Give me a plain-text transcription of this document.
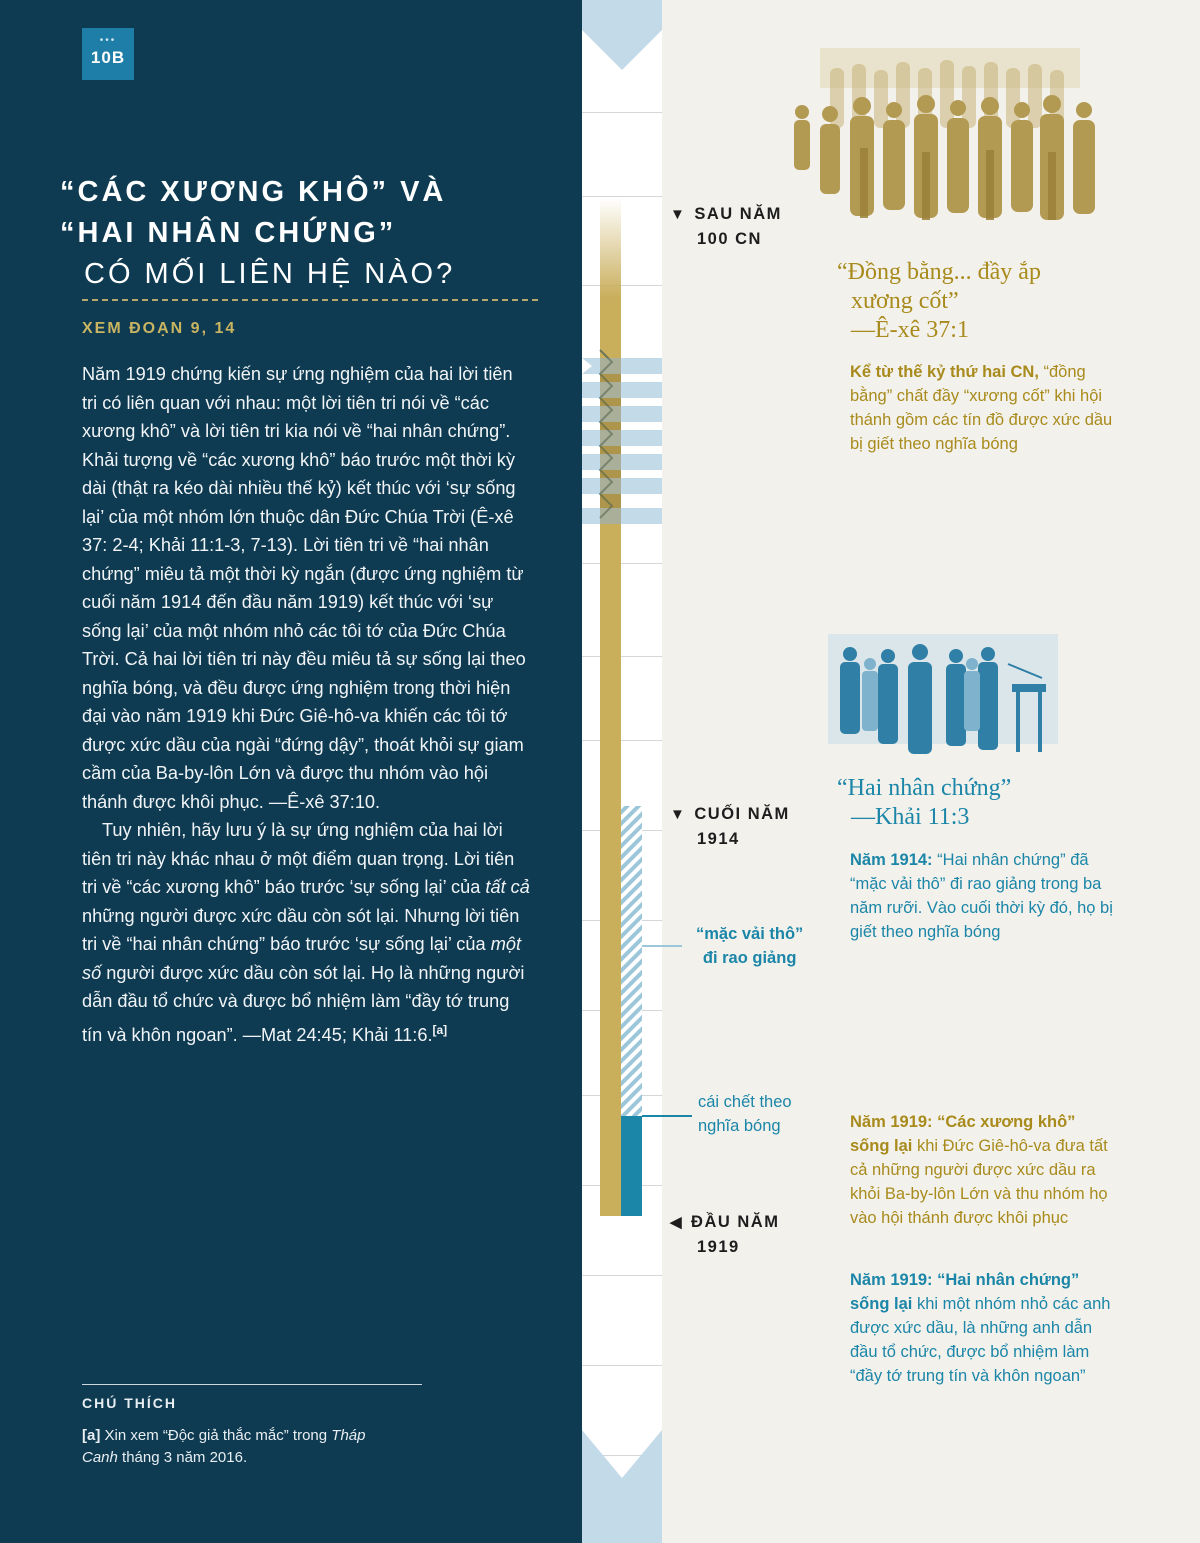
•••
10B
“CÁC XƯƠNG KHÔ” VÀ
“HAI NHÂN CHỨNG”
CÓ MỐI LIÊN HỆ NÀO?
XEM ĐOẠN 9, 14

Năm 1919 chứng kiến sự ứng nghiệm của hai lời tiên tri có liên quan với nhau: một lời tiên tri nói về “các xương khô” và lời tiên tri kia nói về “hai nhân chứng”. Khải tượng về “các xương khô” báo trước một thời kỳ dài (thật ra kéo dài nhiều thế kỷ) kết thúc với ‘sự sống lại’ của một nhóm lớn thuộc dân Đức Chúa Trời (Ê-xê 37: 2-4; Khải 11:1-3, 7-13). Lời tiên tri về “hai nhân chứng” miêu tả một thời kỳ ngắn (được ứng nghiệm từ cuối năm 1914 đến đầu năm 1919) kết thúc với ‘sự sống lại’ của một nhóm nhỏ các tôi tớ của Đức Chúa Trời. Cả hai lời tiên tri này đều miêu tả sự sống lại theo nghĩa bóng, và đều được ứng nghiệm trong thời hiện đại vào năm 1919 khi Đức Giê-hô-va khiến các tôi tớ được xức dầu của ngài “đứng dậy”, thoát khỏi sự giam cầm của Ba-by-lôn Lớn và được thu nhóm vào hội thánh được khôi phục. —Ê-xê 37:10.

Tuy nhiên, hãy lưu ý là sự ứng nghiệm của hai lời tiên tri này khác nhau ở một điểm quan trọng. Lời tiên tri về “các xương khô” báo trước ‘sự sống lại’ của tất cả những người được xức dầu còn sót lại. Nhưng lời tiên tri về “hai nhân chứng” báo trước ‘sự sống lại’ của một số người được xức dầu còn sót lại. Họ là những người dẫn đầu tổ chức và được bổ nhiệm làm “đầy tớ trung tín và khôn ngoan”. —Mat 24:45; Khải 11:6.[a]

CHÚ THÍCH
[a] Xin xem “Độc giả thắc mắc” trong Tháp Canh tháng 3 năm 2016.
▼ SAU NĂM
100 CN
“Đồng bằng... đầy ắp
xương cốt”
—Ê-xê 37:1
Kể từ thế kỷ thứ hai CN, “đồng bằng” chất đầy “xương cốt” khi hội thánh gồm các tín đồ được xức dầu bị giết theo nghĩa bóng
“Hai nhân chứng”
—Khải 11:3
▼ CUỐI NĂM
1914
Năm 1914: “Hai nhân chứng” đã “mặc vải thô” đi rao giảng trong ba năm rưỡi. Vào cuối thời kỳ đó, họ bị giết theo nghĩa bóng
“mặc vải thô”
đi rao giảng
cái chết theo
nghĩa bóng	Năm 1919: “Các xương khô” sống lại khi Đức Giê-hô-va đưa tất cả những người được xức dầu ra khỏi Ba-by-lôn Lớn và thu nhóm họ vào hội thánh được khôi phục
◀ ĐẦU NĂM
1919
Năm 1919: “Hai nhân chứng” sống lại khi một nhóm nhỏ các anh được xức dầu, là những anh dẫn đầu tổ chức, được bổ nhiệm làm “đầy tớ trung tín và khôn ngoan”
